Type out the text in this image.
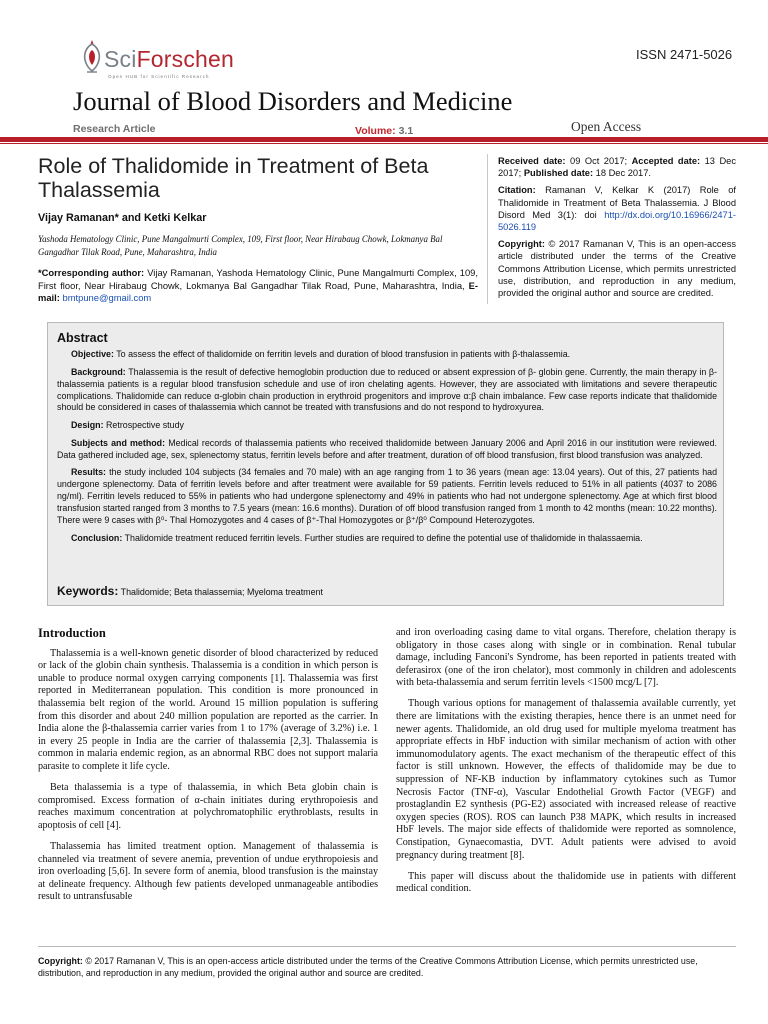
SciForschen
Open HUB for Scientific Research
ISSN 2471-5026
Journal of Blood Disorders and Medicine
Research Article	Volume: 3.1	Open Access
Role of Thalidomide in Treatment of Beta Thalassemia
Vijay Ramanan* and Ketki Kelkar
Yashoda Hematology Clinic, Pune Mangalmurti Complex, 109, First floor, Near Hirabaug Chowk, Lokmanya Bal Gangadhar Tilak Road, Pune, Maharashtra, India
*Corresponding author: Vijay Ramanan, Yashoda Hematology Clinic, Pune Mangalmurti Complex, 109, First floor, Near Hirabaug Chowk, Lokmanya Bal Gangadhar Tilak Road, Pune, Maharashtra, India, E-mail: bmtpune@gmail.com

Received date: 09 Oct 2017; Accepted date: 13 Dec 2017; Published date: 18 Dec 2017.

Citation: Ramanan V, Kelkar K (2017) Role of Thalidomide in Treatment of Beta Thalassemia. J Blood Disord Med 3(1): doi http://dx.doi.org/10.16966/2471-5026.119

Copyright: © 2017 Ramanan V, This is an open-access article distributed under the terms of the Creative Commons Attribution License, which permits unrestricted use, distribution, and reproduction in any medium, provided the original author and source are credited.

Abstract

Objective: To assess the effect of thalidomide on ferritin levels and duration of blood transfusion in patients with β-thalassemia.

Background: Thalassemia is the result of defective hemoglobin production due to reduced or absent expression of β- globin gene. Currently, the main therapy in β-thalassemia patients is a regular blood transfusion schedule and use of iron chelating agents. However, they are associated with limitations and severe therapeutic complications. Thalidomide can reduce α-globin chain production in erythroid progenitors and improve α:β chain imbalance. Few case reports indicate that thalidomide should be considered in cases of thalassemia which cannot be treated with transfusions and do not respond to hydroxyurea.

Design: Retrospective study

Subjects and method: Medical records of thalassemia patients who received thalidomide between January 2006 and April 2016 in our institution were reviewed. Data gathered included age, sex, splenectomy status, ferritin levels before and after treatment, duration of off blood transfusion, first blood transfusion was analyzed.

Results: the study included 104 subjects (34 females and 70 male) with an age ranging from 1 to 36 years (mean age: 13.04 years). Out of this, 27 patients had undergone splenectomy. Data of ferritin levels before and after treatment were available for 59 patients. Ferritin levels reduced to 51% in all patients (4037 to 2086 ng/ml). Ferritin levels reduced to 55% in patients who had undergone splenectomy and 49% in patients who had not undergone splenectomy. Age at which first blood transfusion started ranged from 3 months to 7.5 years (mean: 16.6 months). Duration of off blood transfusion ranged from 1 month to 42 months (mean: 10.22 months). There were 9 cases with β⁰- Thal Homozygotes and 4 cases of β⁺-Thal Homozygotes or β⁺/β⁰ Compound Heterozygotes.

Conclusion: Thalidomide treatment reduced ferritin levels. Further studies are required to define the potential use of thalidomide in thalassaemia.

Keywords: Thalidomide; Beta thalassemia; Myeloma treatment
Introduction

Thalassemia is a well-known genetic disorder of blood characterized by reduced or lack of the globin chain synthesis. Thalassemia is a condition in which person is unable to produce normal oxygen carrying components [1]. Thalassemia was first reported in Mediterranean population. This condition is more pronounced in thalassemia belt region of the world. Around 15 million population is suffering from this disorder and about 240 million population are reported as the carrier. In India alone the β-thalassemia carrier varies from 1 to 17% (average of 3.2%) i.e. 1 in every 25 people in India are the carrier of thalassemia [2,3]. Thalassemia is common in malaria endemic region, as an abnormal RBC does not support malaria parasite to complete it life cycle.

Beta thalassemia is a type of thalassemia, in which Beta globin chain is compromised. Excess formation of α-chain initiates during erythropoiesis and reaches maximum concentration at polychromatophilic erythroblasts, results in apoptosis of cell [4].

Thalassemia has limited treatment option. Management of thalassemia is channeled via treatment of severe anemia, prevention of undue erythropoiesis and iron overloading [5,6]. In severe form of anemia, blood transfusion is the mainstay at delineate frequency. Although few patients developed unmanageable antibodies result to untransfusable

and iron overloading casing dame to vital organs. Therefore, chelation therapy is obligatory in those cases along with single or in combination. Renal tubular damage, including Fanconi's Syndrome, has been reported in patients treated with deferasirox (one of the iron chelator), most commonly in children and adolescents with beta-thalassemia and serum ferritin levels <1500 mcg/L [7].

Though various options for management of thalassemia available currently, yet there are limitations with the existing therapies, hence there is an unmet need for newer agents. Thalidomide, an old drug used for multiple myeloma treatment has appropriate effects in HbF induction with similar mechanism of action with other immunomodulatory agents. The exact mechanism of the therapeutic effect of this factor is still unknown. However, the effects of thalidomide may be due to suppression of NF-KB induction by inflammatory cytokines such as Tumor Necrosis Factor (TNF-α), Vascular Endothelial Growth Factor (VEGF) and prostaglandin E2 synthesis (PG-E2) associated with increased release of reactive oxygen species (ROS). ROS can launch P38 MAPK, which results in increased HbF levels. The major side effects of thalidomide were reported as somnolence, Constipation, Gynaecomastia, DVT. Adult patients were advised to avoid pregnancy during treatment [8].

This paper will discuss about the thalidomide use in patients with different medical condition.

Copyright: © 2017 Ramanan V, This is an open-access article distributed under the terms of the Creative Commons Attribution License, which permits unrestricted use, distribution, and reproduction in any medium, provided the original author and source are credited.
